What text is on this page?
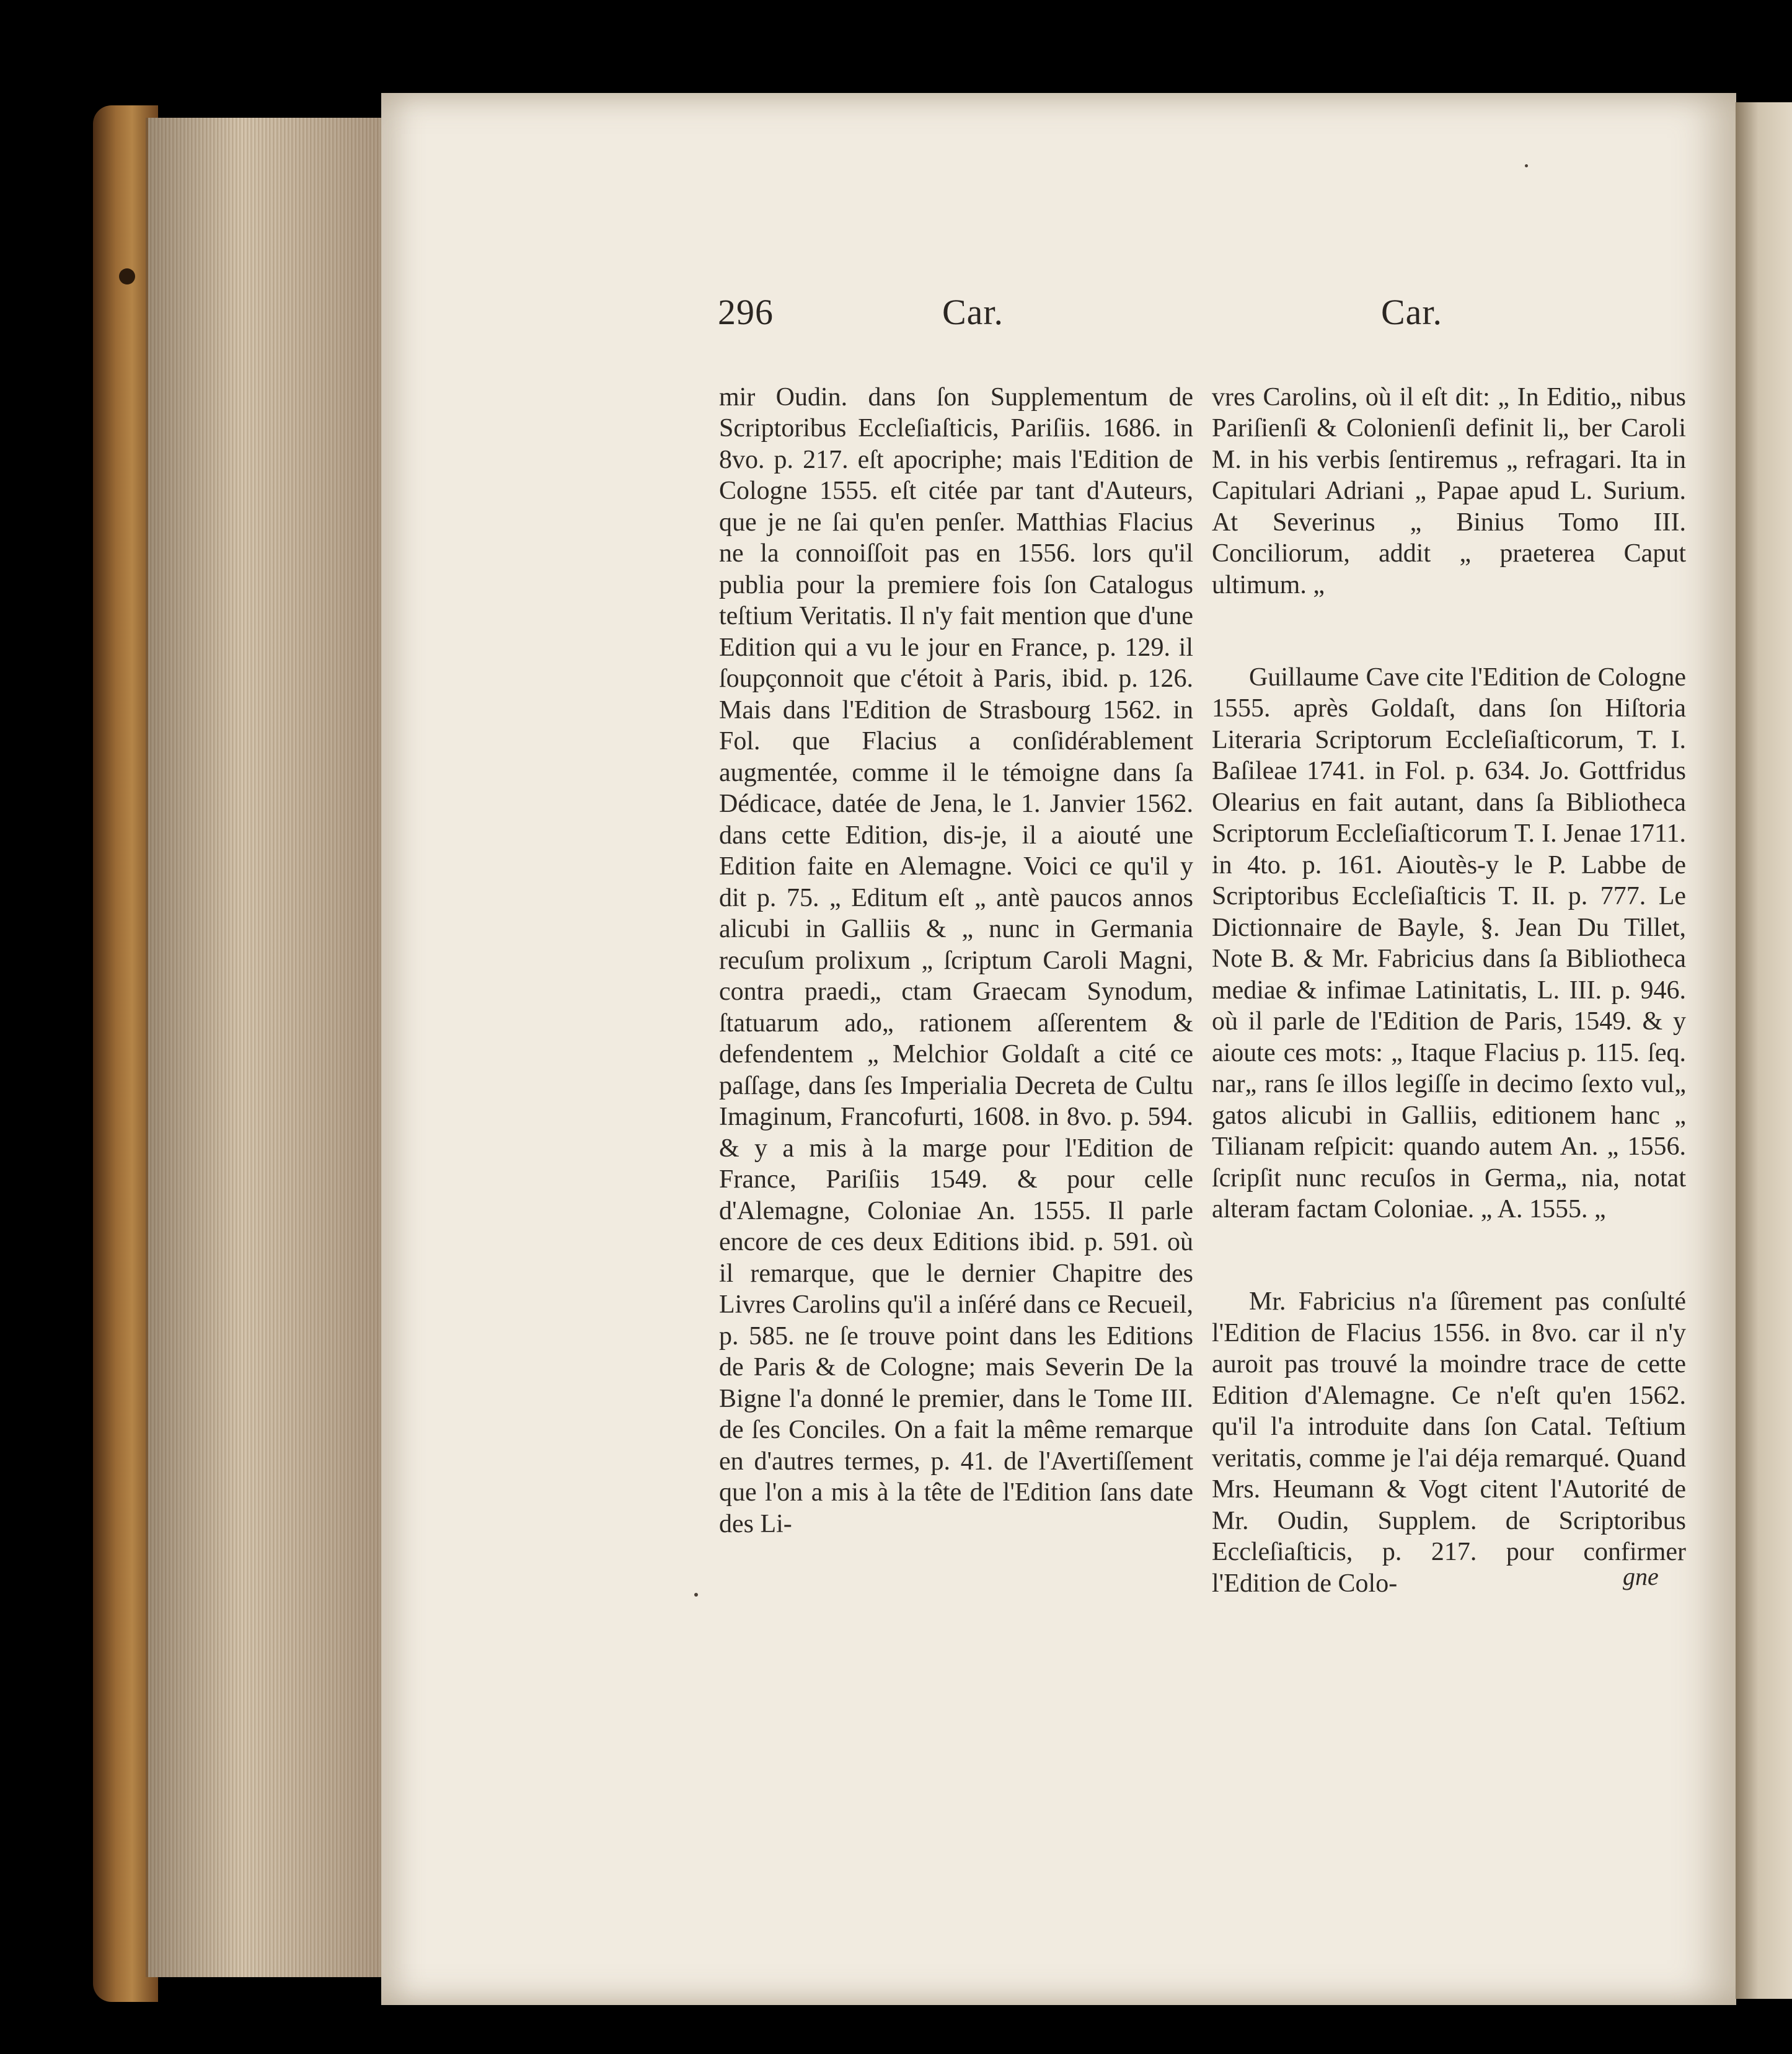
296	Car.	Car.

mir Oudin. dans ſon Supplementum de Scriptoribus Eccleſiaſticis, Pariſiis. 1686. in 8vo. p. 217. eſt apocriphe; mais l'Edition de Cologne 1555. eſt citée par tant d'Auteurs, que je ne ſai qu'en penſer. Matthias Flacius ne la connoiſſoit pas en 1556. lors qu'il publia pour la premiere fois ſon Catalogus teſtium Veritatis. Il n'y fait mention que d'une Edition qui a vu le jour en France, p. 129. il ſoupçonnoit que c'étoit à Paris, ibid. p. 126. Mais dans l'Edition de Strasbourg 1562. in Fol. que Flacius a conſidérablement augmentée, comme il le témoigne dans ſa Dédicace, datée de Jena, le 1. Janvier 1562. dans cette Edition, dis-je, il a aiouté une Edition faite en Alemagne. Voici ce qu'il y dit p. 75. „ Editum eſt „ antè paucos annos alicubi in Galliis & „ nunc in Germania recuſum prolixum „ ſcriptum Caroli Magni, contra praedi„ ctam Graecam Synodum, ſtatuarum ado„ rationem aſſerentem & defendentem „ Melchior Goldaſt a cité ce paſſage, dans ſes Imperialia Decreta de Cultu Imaginum, Francofurti, 1608. in 8vo. p. 594. & y a mis à la marge pour l'Edition de France, Pariſiis 1549. & pour celle d'Alemagne, Coloniae An. 1555. Il parle encore de ces deux Editions ibid. p. 591. où il remarque, que le dernier Chapitre des Livres Carolins qu'il a inſéré dans ce Recueil, p. 585. ne ſe trouve point dans les Editions de Paris & de Cologne; mais Severin De la Bigne l'a donné le premier, dans le Tome III. de ſes Conciles. On a fait la même remarque en d'autres termes, p. 41. de l'Avertiſſement que l'on a mis à la tête de l'Edition ſans date des Li-

vres Carolins, où il eſt dit: „ In Editio„ nibus Pariſienſi & Colonienſi definit li„ ber Caroli M. in his verbis ſentiremus „ refragari. Ita in Capitulari Adriani „ Papae apud L. Surium. At Severinus „ Binius Tomo III. Conciliorum, addit „ praeterea Caput ultimum. „

Guillaume Cave cite l'Edition de Cologne 1555. après Goldaſt, dans ſon Hiſtoria Literaria Scriptorum Eccleſiaſticorum, T. I. Baſileae 1741. in Fol. p. 634. Jo. Gottfridus Olearius en fait autant, dans ſa Bibliotheca Scriptorum Eccleſiaſticorum T. I. Jenae 1711. in 4to. p. 161. Aioutès-y le P. Labbe de Scriptoribus Eccleſiaſticis T. II. p. 777. Le Dictionnaire de Bayle, §. Jean Du Tillet, Note B. & Mr. Fabricius dans ſa Bibliotheca mediae & infimae Latinitatis, L. III. p. 946. où il parle de l'Edition de Paris, 1549. & y aioute ces mots: „ Itaque Flacius p. 115. ſeq. nar„ rans ſe illos legiſſe in decimo ſexto vul„ gatos alicubi in Galliis, editionem hanc „ Tilianam reſpicit: quando autem An. „ 1556. ſcripſit nunc recuſos in Germa„ nia, notat alteram factam Coloniae. „ A. 1555. „

Mr. Fabricius n'a ſûrement pas conſulté l'Edition de Flacius 1556. in 8vo. car il n'y auroit pas trouvé la moindre trace de cette Edition d'Alemagne. Ce n'eſt qu'en 1562. qu'il l'a introduite dans ſon Catal. Teſtium veritatis, comme je l'ai déja remarqué. Quand Mrs. Heumann & Vogt citent l'Autorité de Mr. Oudin, Supplem. de Scriptoribus Eccleſiaſticis, p. 217. pour confirmer l'Edition de Colo-	gne
